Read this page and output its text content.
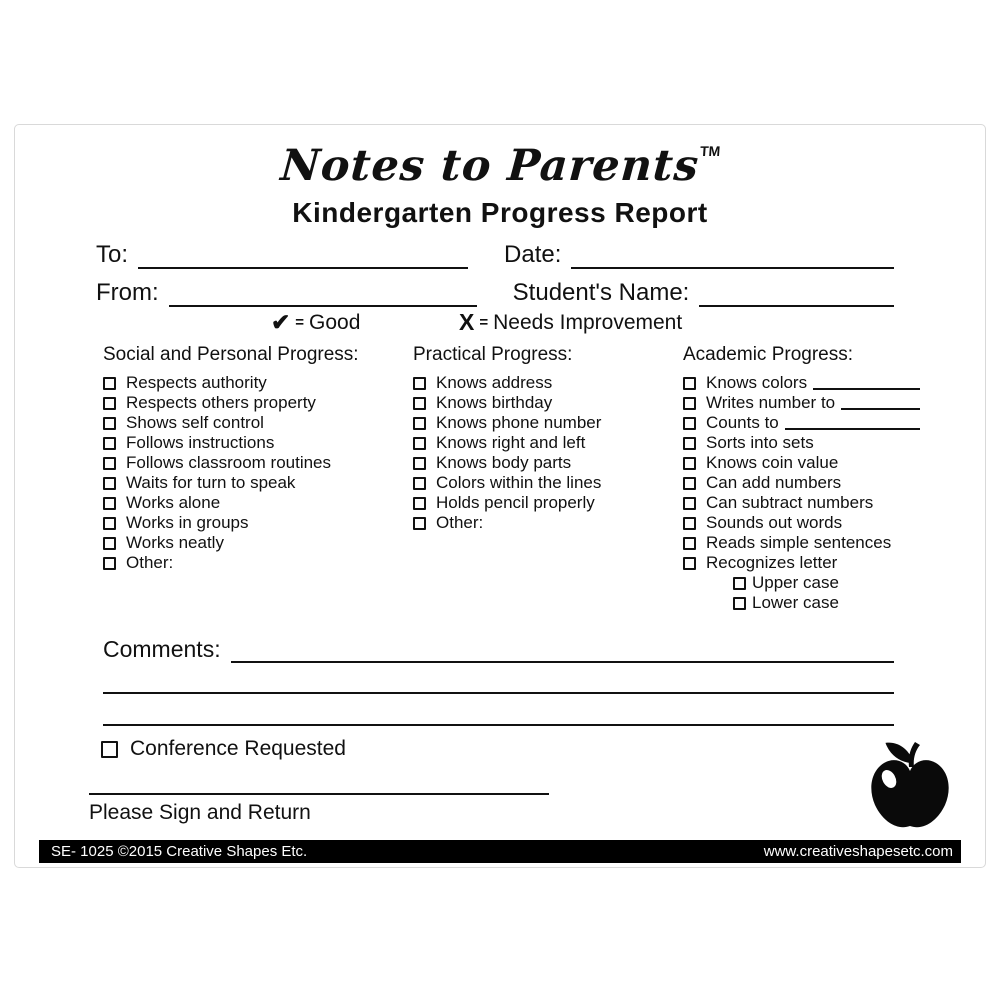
Notes to Parents™
Kindergarten Progress Report
To:	Date:
From:	Student's Name:
✔ = Good	X = Needs Improvement
Social and Personal Progress:
Respects authority
Respects others property
Shows self control
Follows instructions
Follows classroom routines
Waits for turn to speak
Works alone
Works in groups
Works neatly
Other:
Practical Progress:
Knows address
Knows birthday
Knows phone number
Knows right and left
Knows body parts
Colors within the lines
Holds pencil properly
Other:
Academic Progress:
Knows colors
Writes number to
Counts to
Sorts into sets
Knows coin value
Can add numbers
Can subtract numbers
Sounds out words
Reads simple sentences
Recognizes letter
Upper case
Lower case
Comments:
Conference Requested
Please Sign and Return
SE- 1025 ©2015 Creative Shapes Etc.	www.creativeshapesetc.com
